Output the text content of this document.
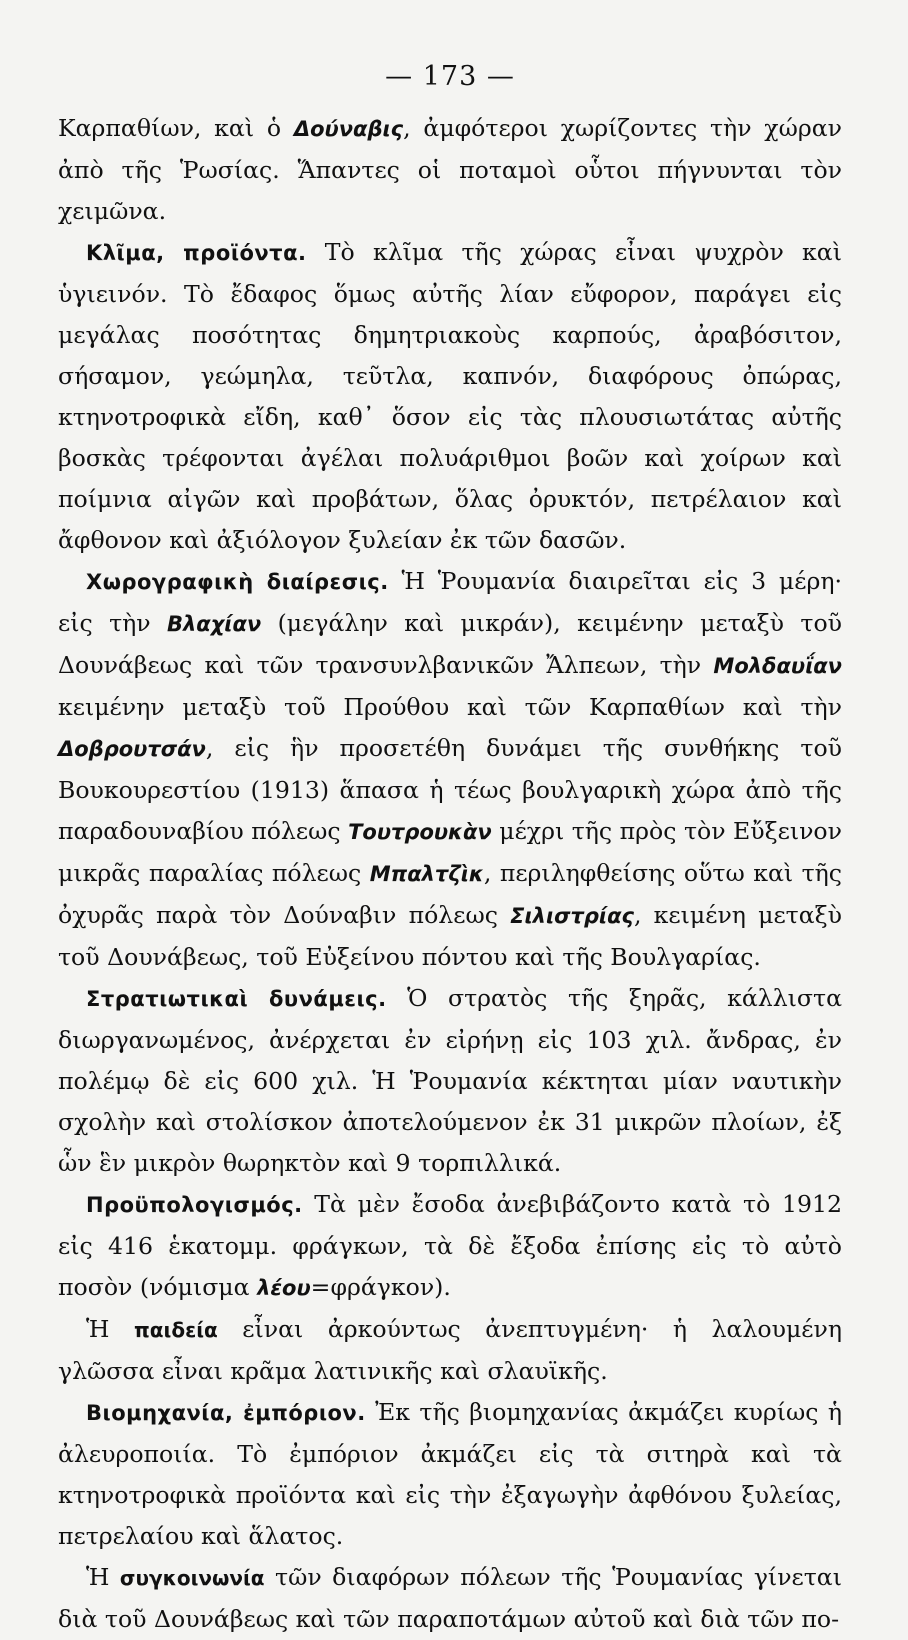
— 173 —

Καρπαθίων, καὶ ὁ Δούναβις, ἀμφότεροι χωρίζοντες τὴν χώραν ἀπὸ τῆς Ῥωσίας. Ἅπαντες οἱ ποταμοὶ οὗτοι πήγνυνται τὸν χειμῶνα.

Κλῖμα, προϊόντα. Τὸ κλῖμα τῆς χώρας εἶναι ψυχρὸν καὶ ὑγιεινόν. Τὸ ἔδαφος ὅμως αὐτῆς λίαν εὔφορον, παράγει εἰς μεγάλας ποσότητας δημητριακοὺς καρπούς, ἀραβόσιτον, σήσαμον, γεώμηλα, τεῦτλα, καπνόν, διαφόρους ὀπώρας, κτηνοτροφικὰ εἴδη, καθ᾿ ὅσον εἰς τὰς πλουσιωτάτας αὐτῆς βοσκὰς τρέφονται ἀγέλαι πολυάριθμοι βοῶν καὶ χοίρων καὶ ποίμνια αἰγῶν καὶ προβάτων, ὅλας ὀρυκτόν, πετρέλαιον καὶ ἄφθονον καὶ ἀξιόλογον ξυλείαν ἐκ τῶν δασῶν.

Χωρογραφικὴ διαίρεσις. Ἡ Ῥουμανία διαιρεῖται εἰς 3 μέρη· εἰς τὴν Βλαχίαν (μεγάλην καὶ μικράν), κειμένην μεταξὺ τοῦ Δουνάβεως καὶ τῶν τρανσυνλβανικῶν Ἄλπεων, τὴν Μολδαυΐαν κειμένην μεταξὺ τοῦ Προύθου καὶ τῶν Καρπαθίων καὶ τὴν Δοβρουτσάν, εἰς ἣν προσετέθη δυνάμει τῆς συνθήκης τοῦ Βουκουρεστίου (1913) ἅπασα ἡ τέως βουλγαρικὴ χώρα ἀπὸ τῆς παραδουναβίου πόλεως Τουτρουκὰν μέχρι τῆς πρὸς τὸν Εὔξεινον μικρᾶς παραλίας πόλεως Μπαλτζὶκ, περιληφθείσης οὕτω καὶ τῆς ὀχυρᾶς παρὰ τὸν Δούναβιν πόλεως Σιλιστρίας, κειμένη μεταξὺ τοῦ Δουνάβεως, τοῦ Εὐξείνου πόντου καὶ τῆς Βουλγαρίας.

Στρατιωτικαὶ δυνάμεις. Ὁ στρατὸς τῆς ξηρᾶς, κάλλιστα διωργανωμένος, ἀνέρχεται ἐν εἰρήνῃ εἰς 103 χιλ. ἄνδρας, ἐν πολέμῳ δὲ εἰς 600 χιλ. Ἡ Ῥουμανία κέκτηται μίαν ναυτικὴν σχολὴν καὶ στολίσκον ἀποτελούμενον ἐκ 31 μικρῶν πλοίων, ἐξ ὧν ἓν μικρὸν θωρηκτὸν καὶ 9 τορπιλλικά.

Προϋπολογισμός. Τὰ μὲν ἔσοδα ἀνεβιβάζοντο κατὰ τὸ 1912 εἰς 416 ἑκατομμ. φράγκων, τὰ δὲ ἔξοδα ἐπίσης εἰς τὸ αὐτὸ ποσὸν (νόμισμα λέου=φράγκον).

Ἡ παιδεία εἶναι ἀρκούντως ἀνεπτυγμένη· ἡ λαλουμένη γλῶσσα εἶναι κρᾶμα λατινικῆς καὶ σλαυϊκῆς.

Βιομηχανία, ἐμπόριον. Ἐκ τῆς βιομηχανίας ἀκμάζει κυρίως ἡ ἀλευροποιία. Τὸ ἐμπόριον ἀκμάζει εἰς τὰ σιτηρὰ καὶ τὰ κτηνοτροφικὰ προϊόντα καὶ εἰς τὴν ἐξαγωγὴν ἀφθόνου ξυλείας, πετρελαίου καὶ ἅλατος.

Ἡ συγκοινωνία τῶν διαφόρων πόλεων τῆς Ῥουμανίας γίνεται διὰ τοῦ Δουνάβεως καὶ τῶν παραποτάμων αὐτοῦ καὶ διὰ τῶν πο-
